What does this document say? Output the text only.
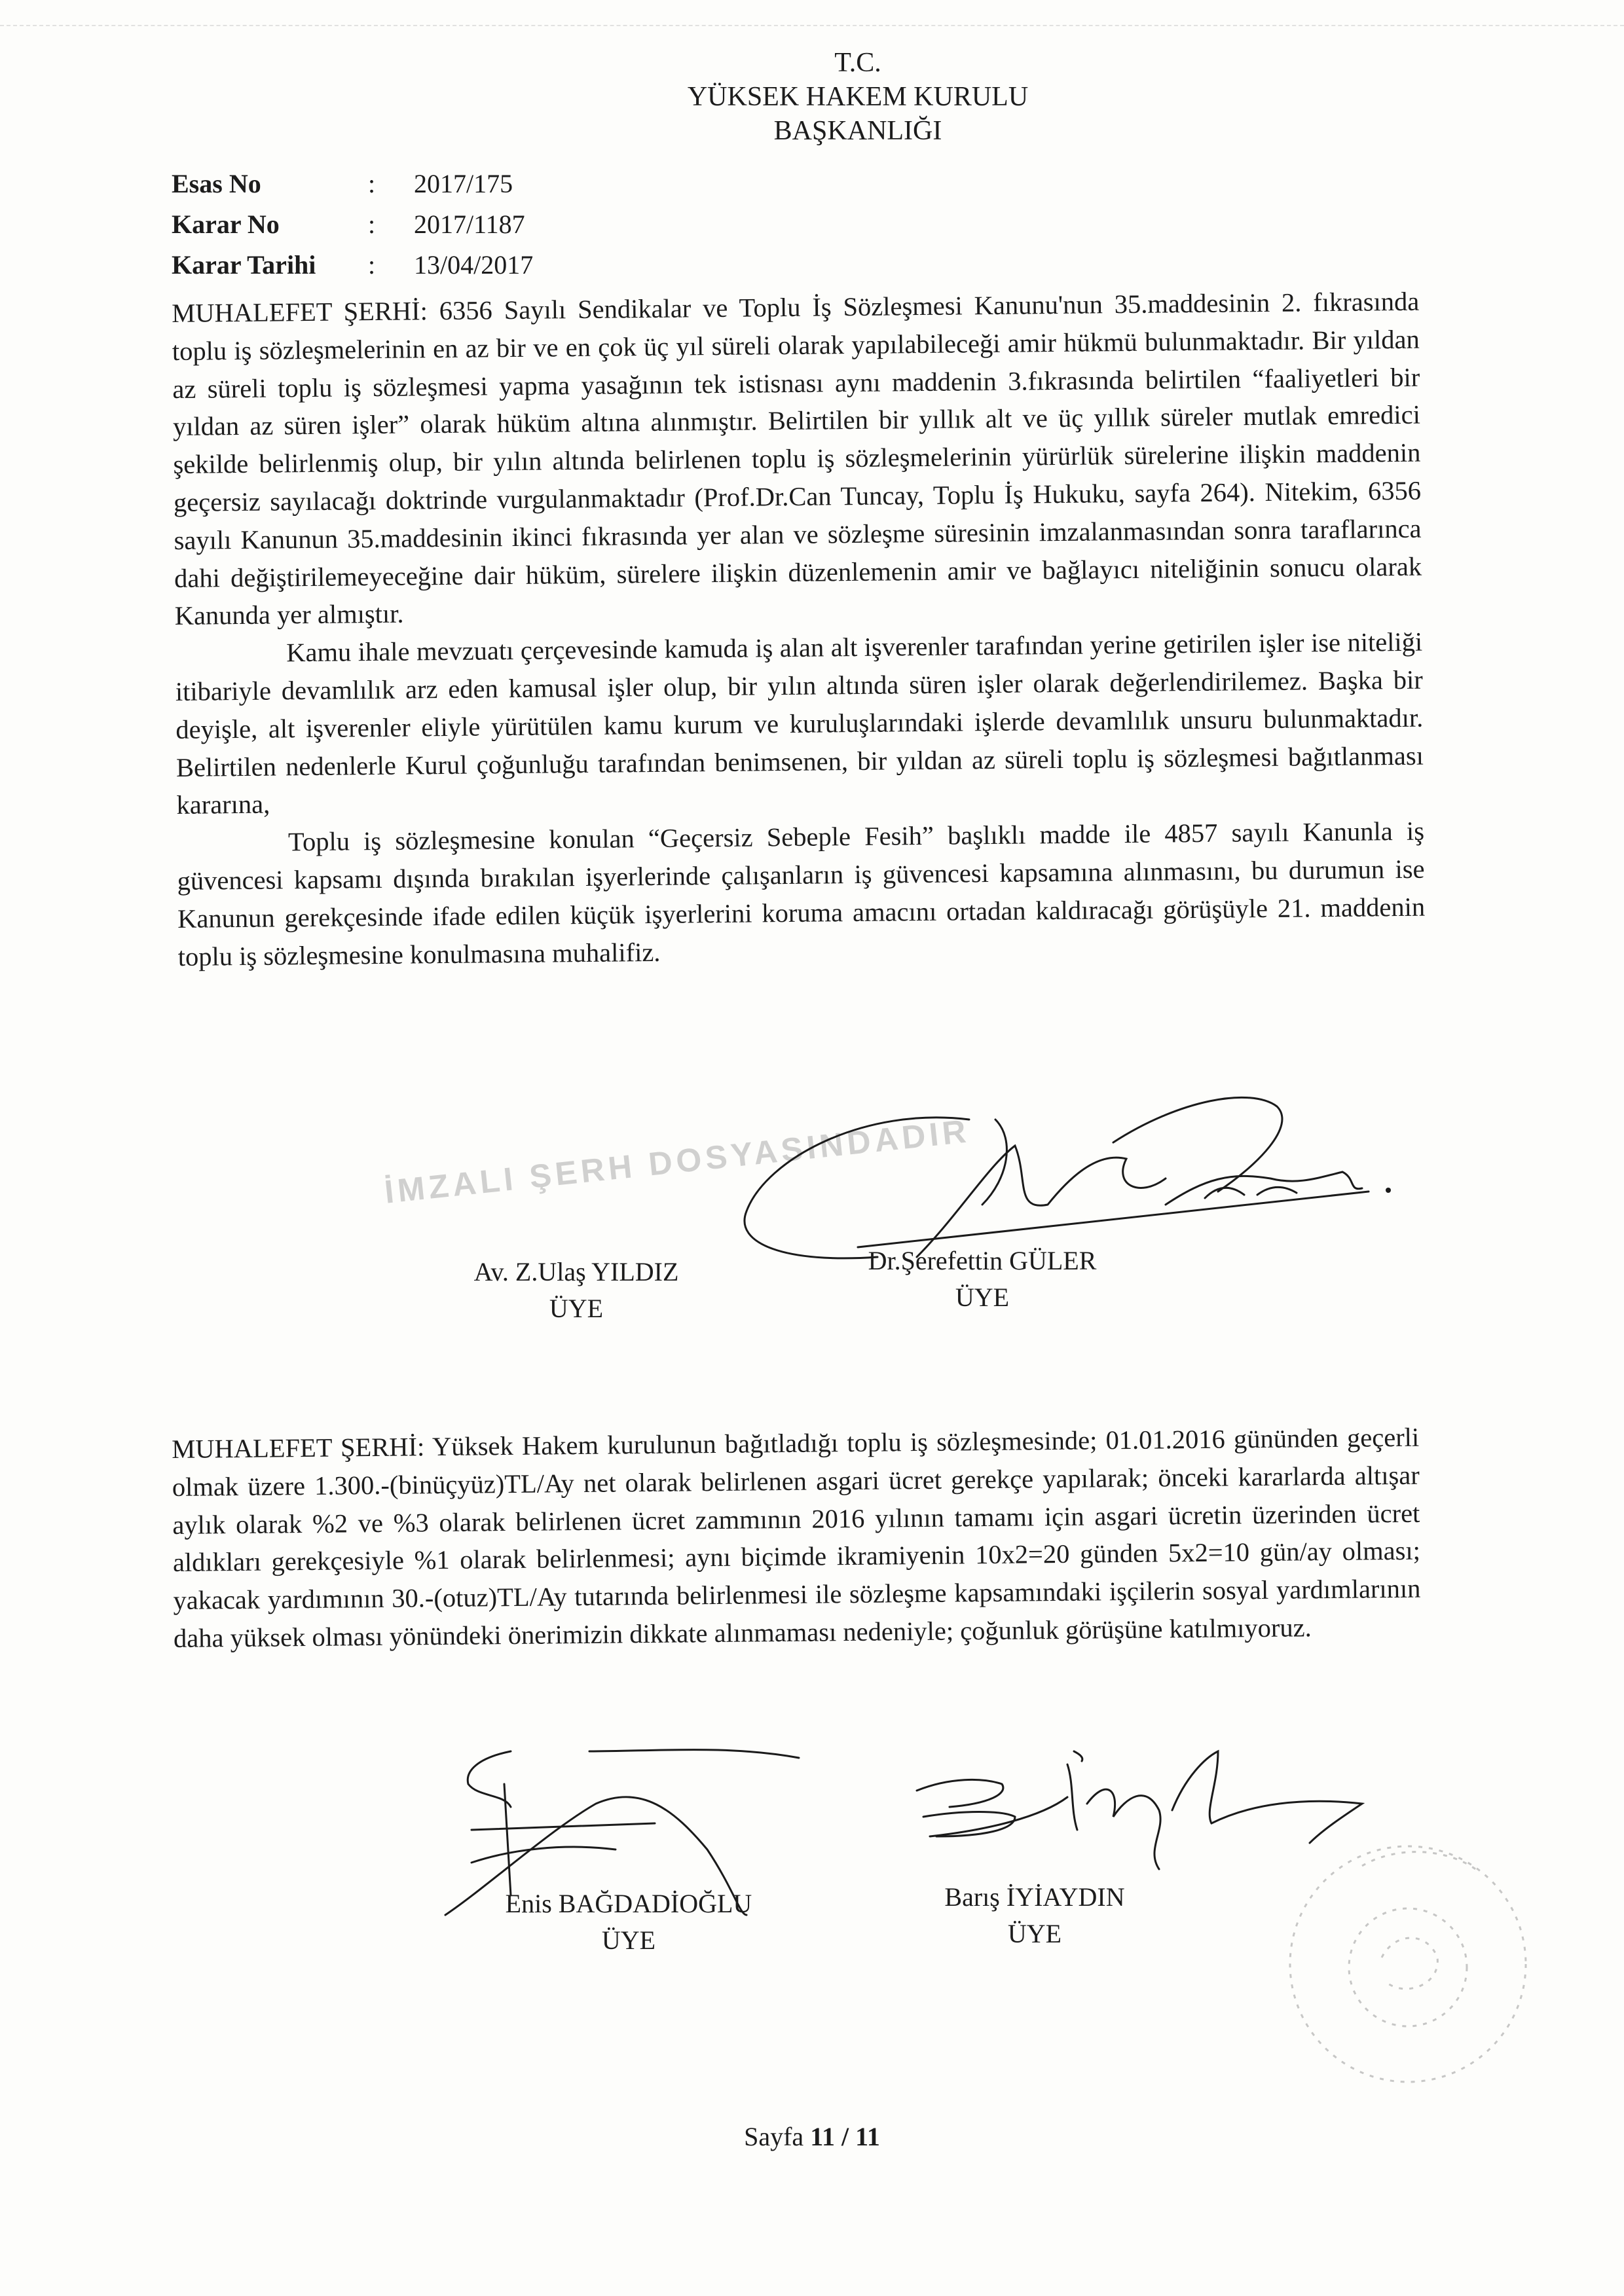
T.C.
YÜKSEK HAKEM KURULU
BAŞKANLIĞI
Esas No	:	2017/175
Karar No	:	2017/1187
Karar Tarihi	:	13/04/2017

MUHALEFET ŞERHİ: 6356 Sayılı Sendikalar ve Toplu İş Sözleşmesi Kanunu'nun 35.maddesinin 2. fıkrasında toplu iş sözleşmelerinin en az bir ve en çok üç yıl süreli olarak yapılabileceği amir hükmü bulunmaktadır. Bir yıldan az süreli toplu iş sözleşmesi yapma yasağının tek istisnası aynı maddenin 3.fıkrasında belirtilen “faaliyetleri bir yıldan az süren işler” olarak hüküm altına alınmıştır. Belirtilen bir yıllık alt ve üç yıllık süreler mutlak emredici şekilde belirlenmiş olup, bir yılın altında belirlenen toplu iş sözleşmelerinin yürürlük sürelerine ilişkin maddenin geçersiz sayılacağı doktrinde vurgulanmaktadır (Prof.Dr.Can Tuncay, Toplu İş Hukuku, sayfa 264). Nitekim, 6356 sayılı Kanunun 35.maddesinin ikinci fıkrasında yer alan ve sözleşme süresinin imzalanmasından sonra taraflarınca dahi değiştirilemeyeceğine dair hüküm, sürelere ilişkin düzenlemenin amir ve bağlayıcı niteliğinin sonucu olarak Kanunda yer almıştır.

Kamu ihale mevzuatı çerçevesinde kamuda iş alan alt işverenler tarafından yerine getirilen işler ise niteliği itibariyle devamlılık arz eden kamusal işler olup, bir yılın altında süren işler olarak değerlendirilemez. Başka bir deyişle, alt işverenler eliyle yürütülen kamu kurum ve kuruluşlarındaki işlerde devamlılık unsuru bulunmaktadır. Belirtilen nedenlerle Kurul çoğunluğu tarafından benimsenen, bir yıldan az süreli toplu iş sözleşmesi bağıtlanması kararına,

Toplu iş sözleşmesine konulan “Geçersiz Sebeple Fesih” başlıklı madde ile 4857 sayılı Kanunla iş güvencesi kapsamı dışında bırakılan işyerlerinde çalışanların iş güvencesi kapsamına alınmasını, bu durumun ise Kanunun gerekçesinde ifade edilen küçük işyerlerini koruma amacını ortadan kaldıracağı görüşüyle 21. maddenin toplu iş sözleşmesine konulmasına muhalifiz.

İMZALI ŞERH DOSYASINDADIR
Av. Z.Ulaş YILDIZ
ÜYE
Dr.Şerefettin GÜLER
ÜYE

MUHALEFET ŞERHİ: Yüksek Hakem kurulunun bağıtladığı toplu iş sözleşmesinde; 01.01.2016 gününden geçerli olmak üzere 1.300.-(binüçyüz)TL/Ay net olarak belirlenen asgari ücret gerekçe yapılarak; önceki kararlarda altışar aylık olarak %2 ve %3 olarak belirlenen ücret zammının 2016 yılının tamamı için asgari ücretin üzerinden ücret aldıkları gerekçesiyle %1 olarak belirlenmesi; aynı biçimde ikramiyenin 10x2=20 günden 5x2=10 gün/ay olması; yakacak yardımının 30.-(otuz)TL/Ay tutarında belirlenmesi ile sözleşme kapsamındaki işçilerin sosyal yardımlarının daha yüksek olması yönündeki önerimizin dikkate alınmaması nedeniyle; çoğunluk görüşüne katılmıyoruz.

Enis BAĞDADİOĞLU
ÜYE
Barış İYİAYDIN
ÜYE
Sayfa 11 / 11
